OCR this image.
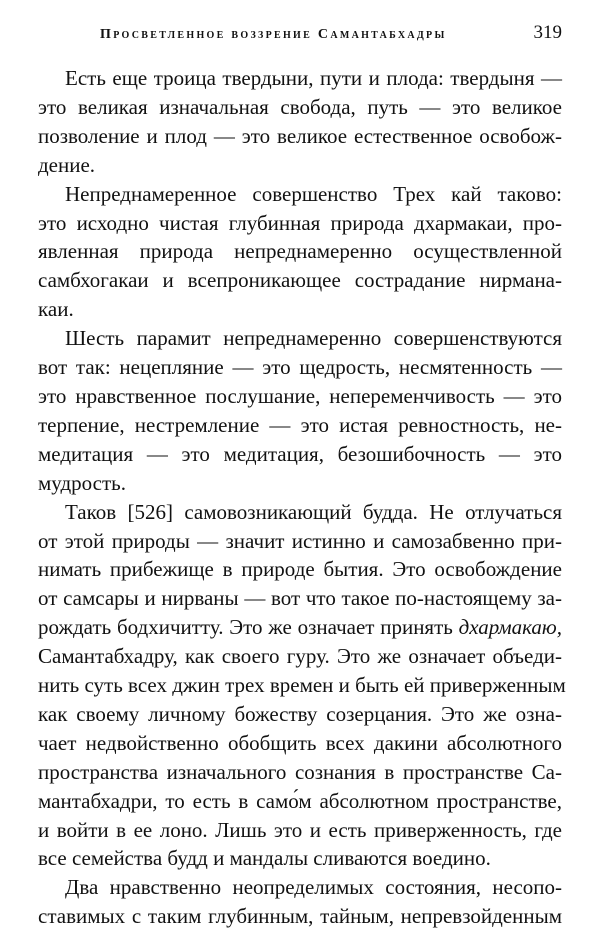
Просветленное воззрение Самантабхадры	319

Есть еще троица твердыни, пути и плода: твердыня —
это великая изначальная свобода, путь — это великое
позволение и плод — это великое естественное освобож-
дение.

Непреднамеренное совершенство Трех кай таково:
это исходно чистая глубинная природа дхармакаи, про-
явленная природа непреднамеренно осуществленной
самбхогакаи и всепроникающее сострадание нирмана-
каи.

Шесть парамит непреднамеренно совершенствуются
вот так: нецепляние — это щедрость, несмятенность —
это нравственное послушание, непеременчивость — это
терпение, нестремление — это истая ревностность, не-
медитация — это медитация, безошибочность — это
мудрость.

Таков [526] самовозникающий будда. Не отлучаться
от этой природы — значит истинно и самозабвенно при-
нимать прибежище в природе бытия. Это освобождение
от самсары и нирваны — вот что такое по-настоящему за-
рождать бодхичитту. Это же означает принять дхармакаю,
Самантабхадру, как своего гуру. Это же означает объеди-
нить суть всех джин трех времен и быть ей приверженным
как своему личному божеству созерцания. Это же озна-
чает недвойственно обобщить всех дакини абсолютного
пространства изначального сознания в пространстве Са-
мантабхадри, то есть в само́м абсолютном пространстве,
и войти в ее лоно. Лишь это и есть приверженность, где
все семейства будд и мандалы сливаются воедино.

Два нравственно неопределимых состояния, несопо-
ставимых с таким глубинным, тайным, непревзойденным
